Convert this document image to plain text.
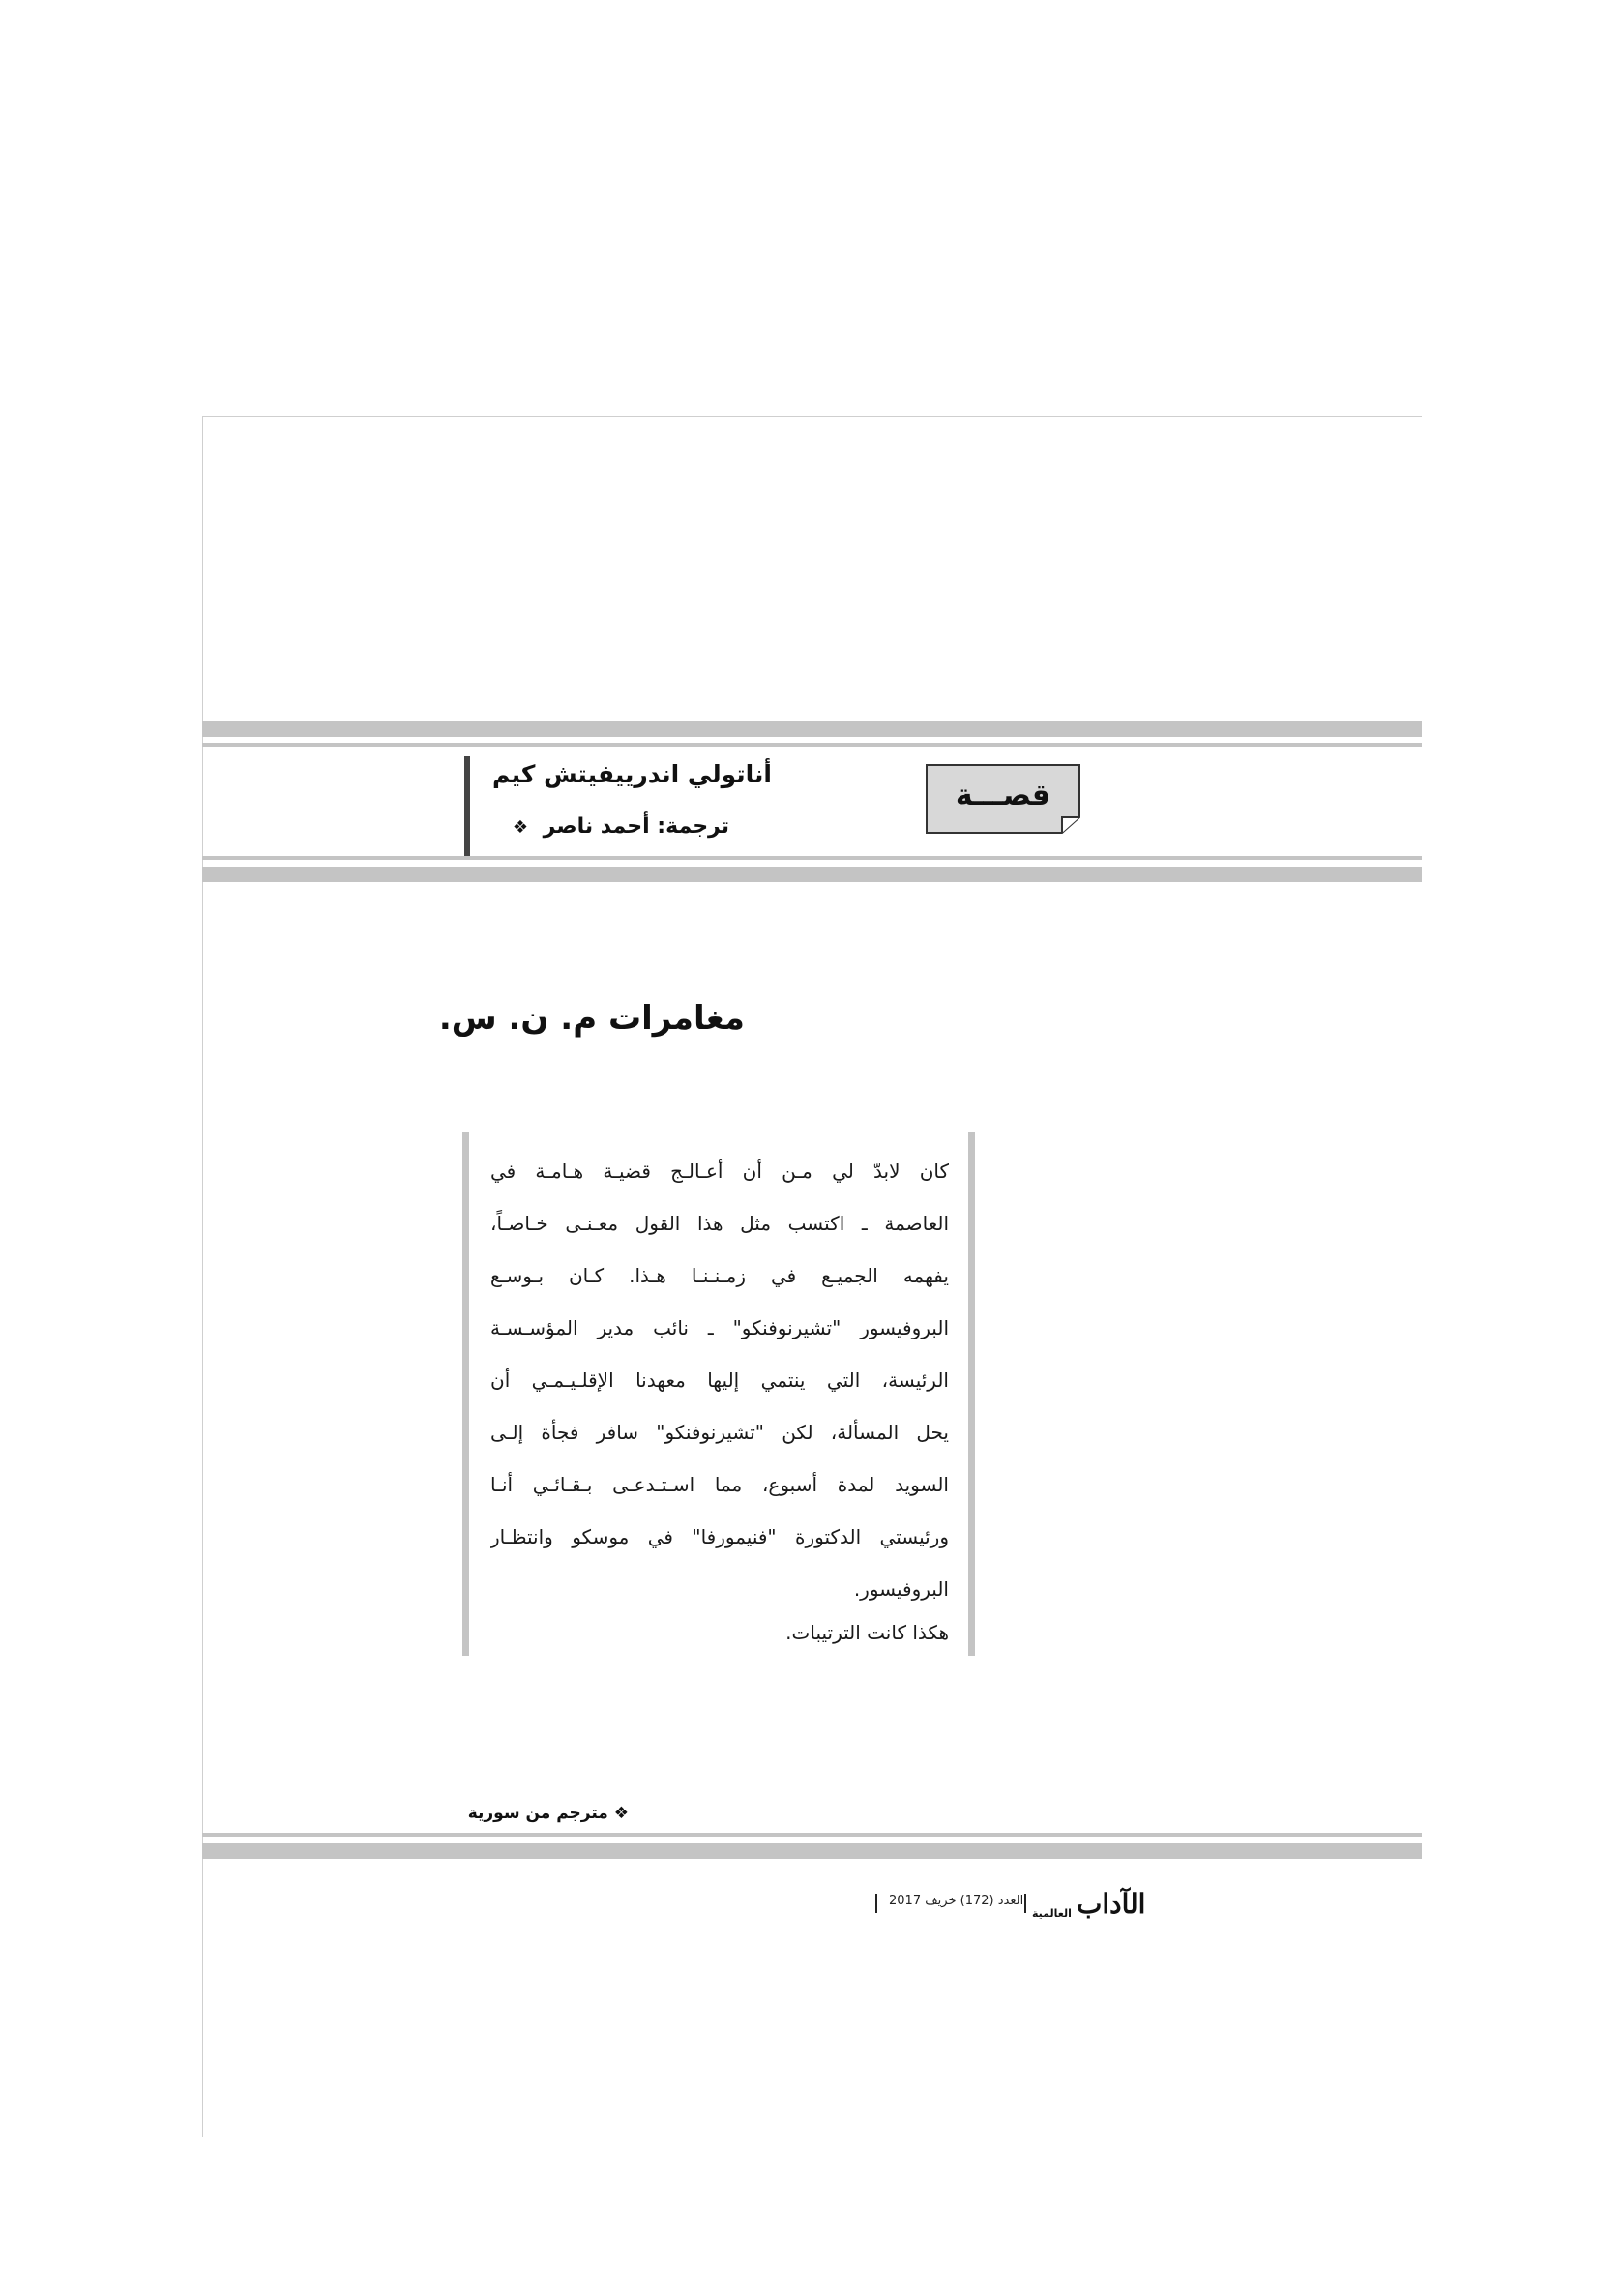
أناتولي اندرييفيتش كيم
ترجمة: أحمد ناصر ❖
قصـــة
مغامرات م. ن. س.
كان لابدّ لي مـن أن أعـالـج قضيـة هـامـة في
العاصمة ـ اكتسب مثل هذا القول معـنـى خـاصـاً،
يفهمه الجميـع في زمـنـنـا هـذا. كـان بـوسـع
البروفيسور "تشيرنوفنكو" ـ نائب مدير المؤسـسـة
الرئيسة، التي ينتمي إليها معهدنا الإقلـيـمـي أن
يحل المسألة، لكن "تشيرنوفنكو" سافر فجأة إلـى
السويد لمدة أسبوع، مما اسـتـدعـى بـقـائـي أنـا
ورئيستي الدكتورة "فنيمورفا" في موسكو وانتظـار
البروفيسور.
هكذا كانت الترتيبات.
❖ مترجم من سورية
العدد (172) خريف 2017	الآداب العالمية
